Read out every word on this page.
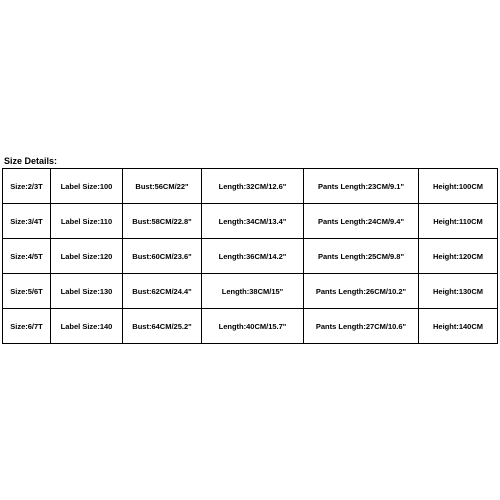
Size Details:
Size:2/3T	Label Size:100	Bust:56CM/22"	Length:32CM/12.6"	Pants Length:23CM/9.1"	Height:100CM
Size:3/4T	Label Size:110	Bust:58CM/22.8"	Length:34CM/13.4"	Pants Length:24CM/9.4"	Height:110CM
Size:4/5T	Label Size:120	Bust:60CM/23.6"	Length:36CM/14.2"	Pants Length:25CM/9.8"	Height:120CM
Size:5/6T	Label Size:130	Bust:62CM/24.4"	Length:38CM/15"	Pants Length:26CM/10.2"	Height:130CM
Size:6/7T	Label Size:140	Bust:64CM/25.2"	Length:40CM/15.7"	Pants Length:27CM/10.6"	Height:140CM
